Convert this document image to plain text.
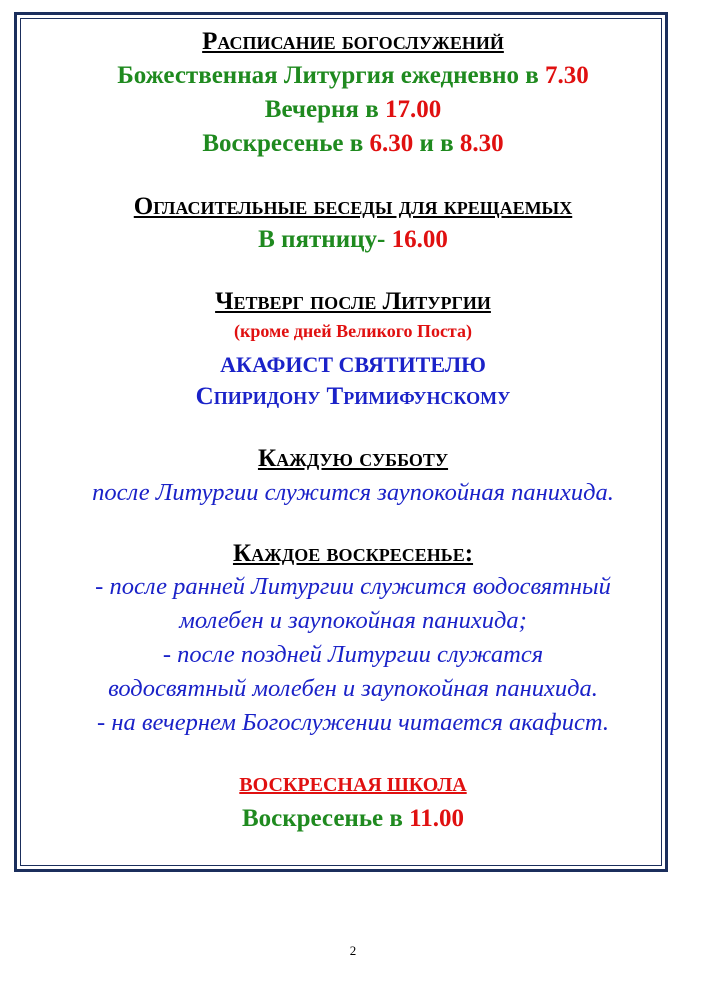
Расписание богослужений
Божественная Литургия ежедневно в 7.30
Вечерня в 17.00
Воскресенье в 6.30 и в 8.30
Огласительные беседы для крещаемых
В пятницу- 16.00
Четверг после Литургии
(кроме дней Великого Поста)
АКАФИСТ СВЯТИТЕЛЮ
Спиридону Тримифунскому
Каждую субботу
после Литургии служится заупокойная панихида.
Каждое воскресенье:
- после ранней Литургии служится водосвятный
молебен и заупокойная панихида;
- после поздней Литургии служатся
водосвятный молебен и заупокойная панихида.
- на вечернем Богослужении читается акафист.
ВОСКРЕСНАЯ ШКОЛА
Воскресенье в 11.00
2
